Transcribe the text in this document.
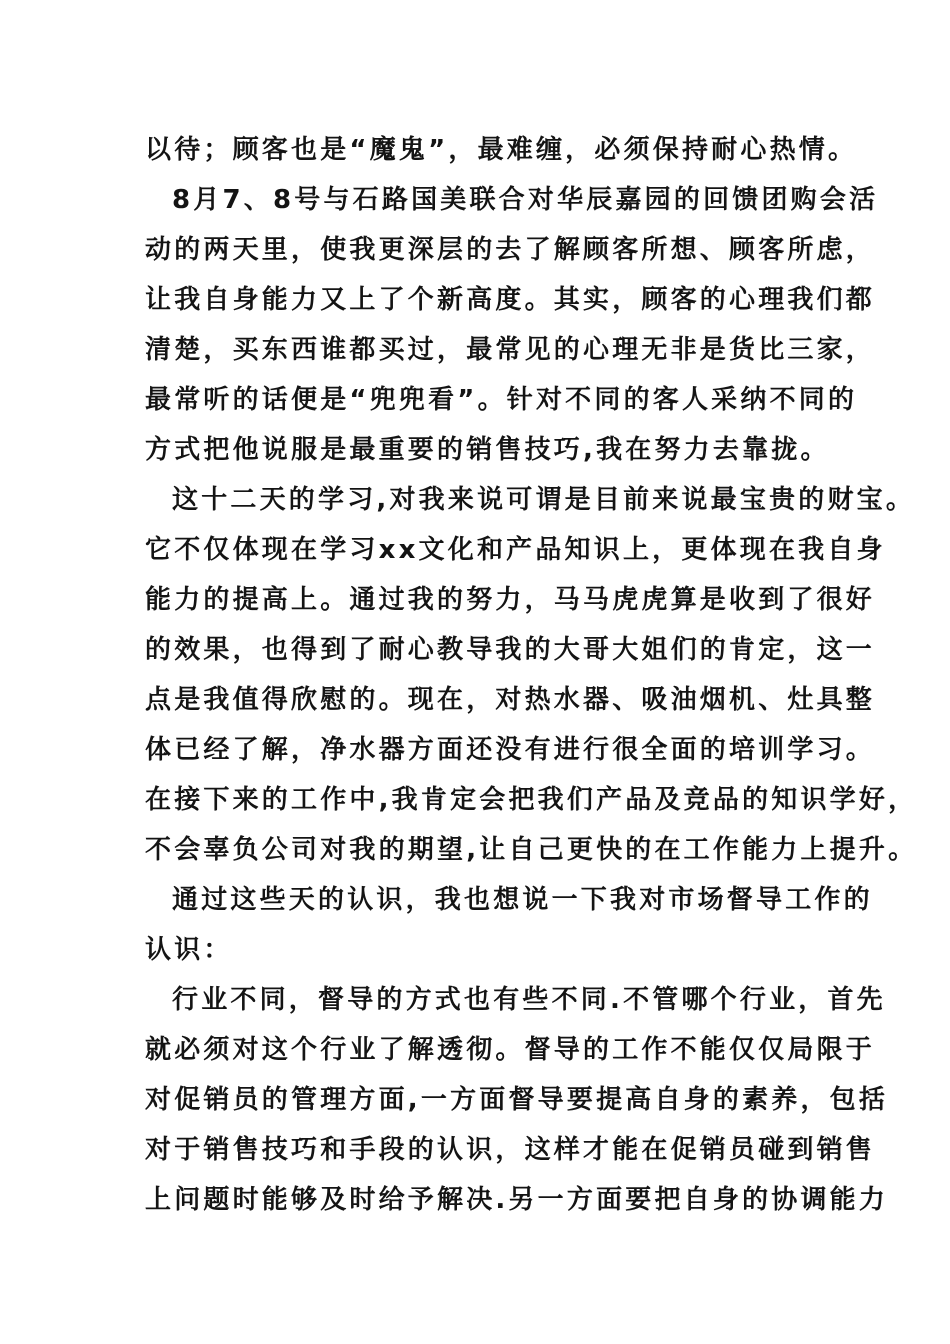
以待；顾客也是“魔鬼”，最难缠，必须保持耐心热情。
8月7、8号与石路国美联合对华辰嘉园的回馈团购会活
动的两天里，使我更深层的去了解顾客所想、顾客所虑，
让我自身能力又上了个新高度。其实，顾客的心理我们都
清楚，买东西谁都买过，最常见的心理无非是货比三家，
最常听的话便是“兜兜看”。针对不同的客人采纳不同的
方式把他说服是最重要的销售技巧,我在努力去靠拢。
这十二天的学习,对我来说可谓是目前来说最宝贵的财宝。
它不仅体现在学习xx文化和产品知识上，更体现在我自身
能力的提高上。通过我的努力，马马虎虎算是收到了很好
的效果，也得到了耐心教导我的大哥大姐们的肯定，这一
点是我值得欣慰的。现在，对热水器、吸油烟机、灶具整
体已经了解，净水器方面还没有进行很全面的培训学习。
在接下来的工作中,我肯定会把我们产品及竞品的知识学好，
不会辜负公司对我的期望,让自己更快的在工作能力上提升。
通过这些天的认识，我也想说一下我对市场督导工作的
认识：
行业不同，督导的方式也有些不同.不管哪个行业，首先
就必须对这个行业了解透彻。督导的工作不能仅仅局限于
对促销员的管理方面,一方面督导要提高自身的素养，包括
对于销售技巧和手段的认识，这样才能在促销员碰到销售
上问题时能够及时给予解决.另一方面要把自身的协调能力
